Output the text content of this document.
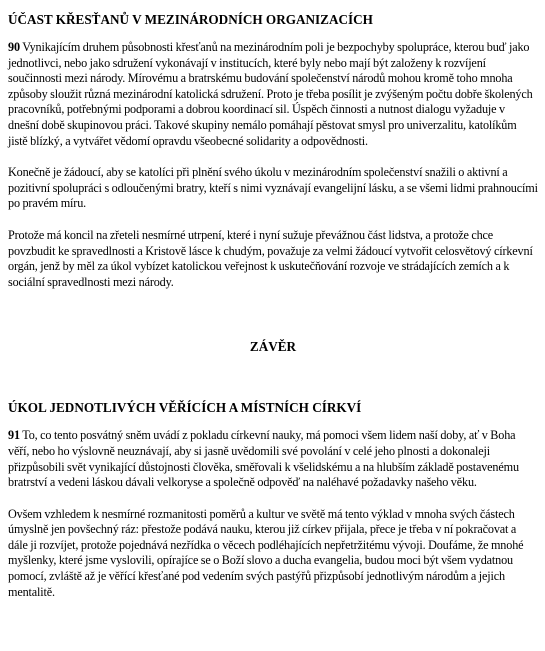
ÚČAST KŘESŤANŮ V MEZINÁRODNÍCH ORGANIZACÍCH

90 Vynikajícím druhem působnosti křesťanů na mezinárodním poli je bezpochyby spolupráce, kterou buď jako jednotlivci, nebo jako sdružení vykonávají v institucích, které byly nebo mají být založeny k rozvíjení součinnosti mezi národy. Mírovému a bratrskému budování společenství národů mohou kromě toho mnoha způsoby sloužit různá mezinárodní katolická sdružení. Proto je třeba posílit je zvýšeným počtu dobře školených pracovníků, potřebnými podporami a dobrou koordinací sil. Úspěch činnosti a nutnost dialogu vyžaduje v dnešní době skupinovou práci. Takové skupiny nemálo pomáhají pěstovat smysl pro univerzalitu, katolíkům jistě blízký, a vytvářet vědomí opravdu všeobecné solidarity a odpovědnosti.

Konečně je žádoucí, aby se katolíci při plnění svého úkolu v mezinárodním společenství snažili o aktivní a pozitivní spolupráci s odloučenými bratry, kteří s nimi vyznávají evangelijní lásku, a se všemi lidmi prahnoucími po pravém míru.

Protože má koncil na zřeteli nesmírné utrpení, které i nyní sužuje převážnou část lidstva, a protože chce povzbudit ke spravedlnosti a Kristově lásce k chudým, považuje za velmi žádoucí vytvořit celosvětový církevní orgán, jenž by měl za úkol vybízet katolickou veřejnost k uskutečňování rozvoje ve strádajících zemích a k sociální spravedlnosti mezi národy.

ZÁVĚR
ÚKOL JEDNOTLIVÝCH VĚŘÍCÍCH A MÍSTNÍCH CÍRKVÍ

91 To, co tento posvátný sněm uvádí z pokladu církevní nauky, má pomoci všem lidem naší doby, ať v Boha věří, nebo ho výslovně neuznávají, aby si jasně uvědomili své povolání v celé jeho plnosti a dokonaleji přizpůsobili svět vynikající důstojnosti člověka, směřovali k všelidskému a na hlubším základě postavenému bratrství a vedeni láskou dávali velkoryse a společně odpověď na naléhavé požadavky našeho věku.

Ovšem vzhledem k nesmírné rozmanitosti poměrů a kultur ve světě má tento výklad v mnoha svých částech úmyslně jen povšechný ráz: přestože podává nauku, kterou již církev přijala, přece je třeba v ní pokračovat a dále ji rozvíjet, protože pojednává nezřídka o věcech podléhajících nepřetržitému vývoji. Doufáme, že mnohé myšlenky, které jsme vyslovili, opírajíce se o Boží slovo a ducha evangelia, budou moci být všem vydatnou pomocí, zvláště až je věřící křesťané pod vedením svých pastýřů přizpůsobí jednotlivým národům a jejich mentalitě.
